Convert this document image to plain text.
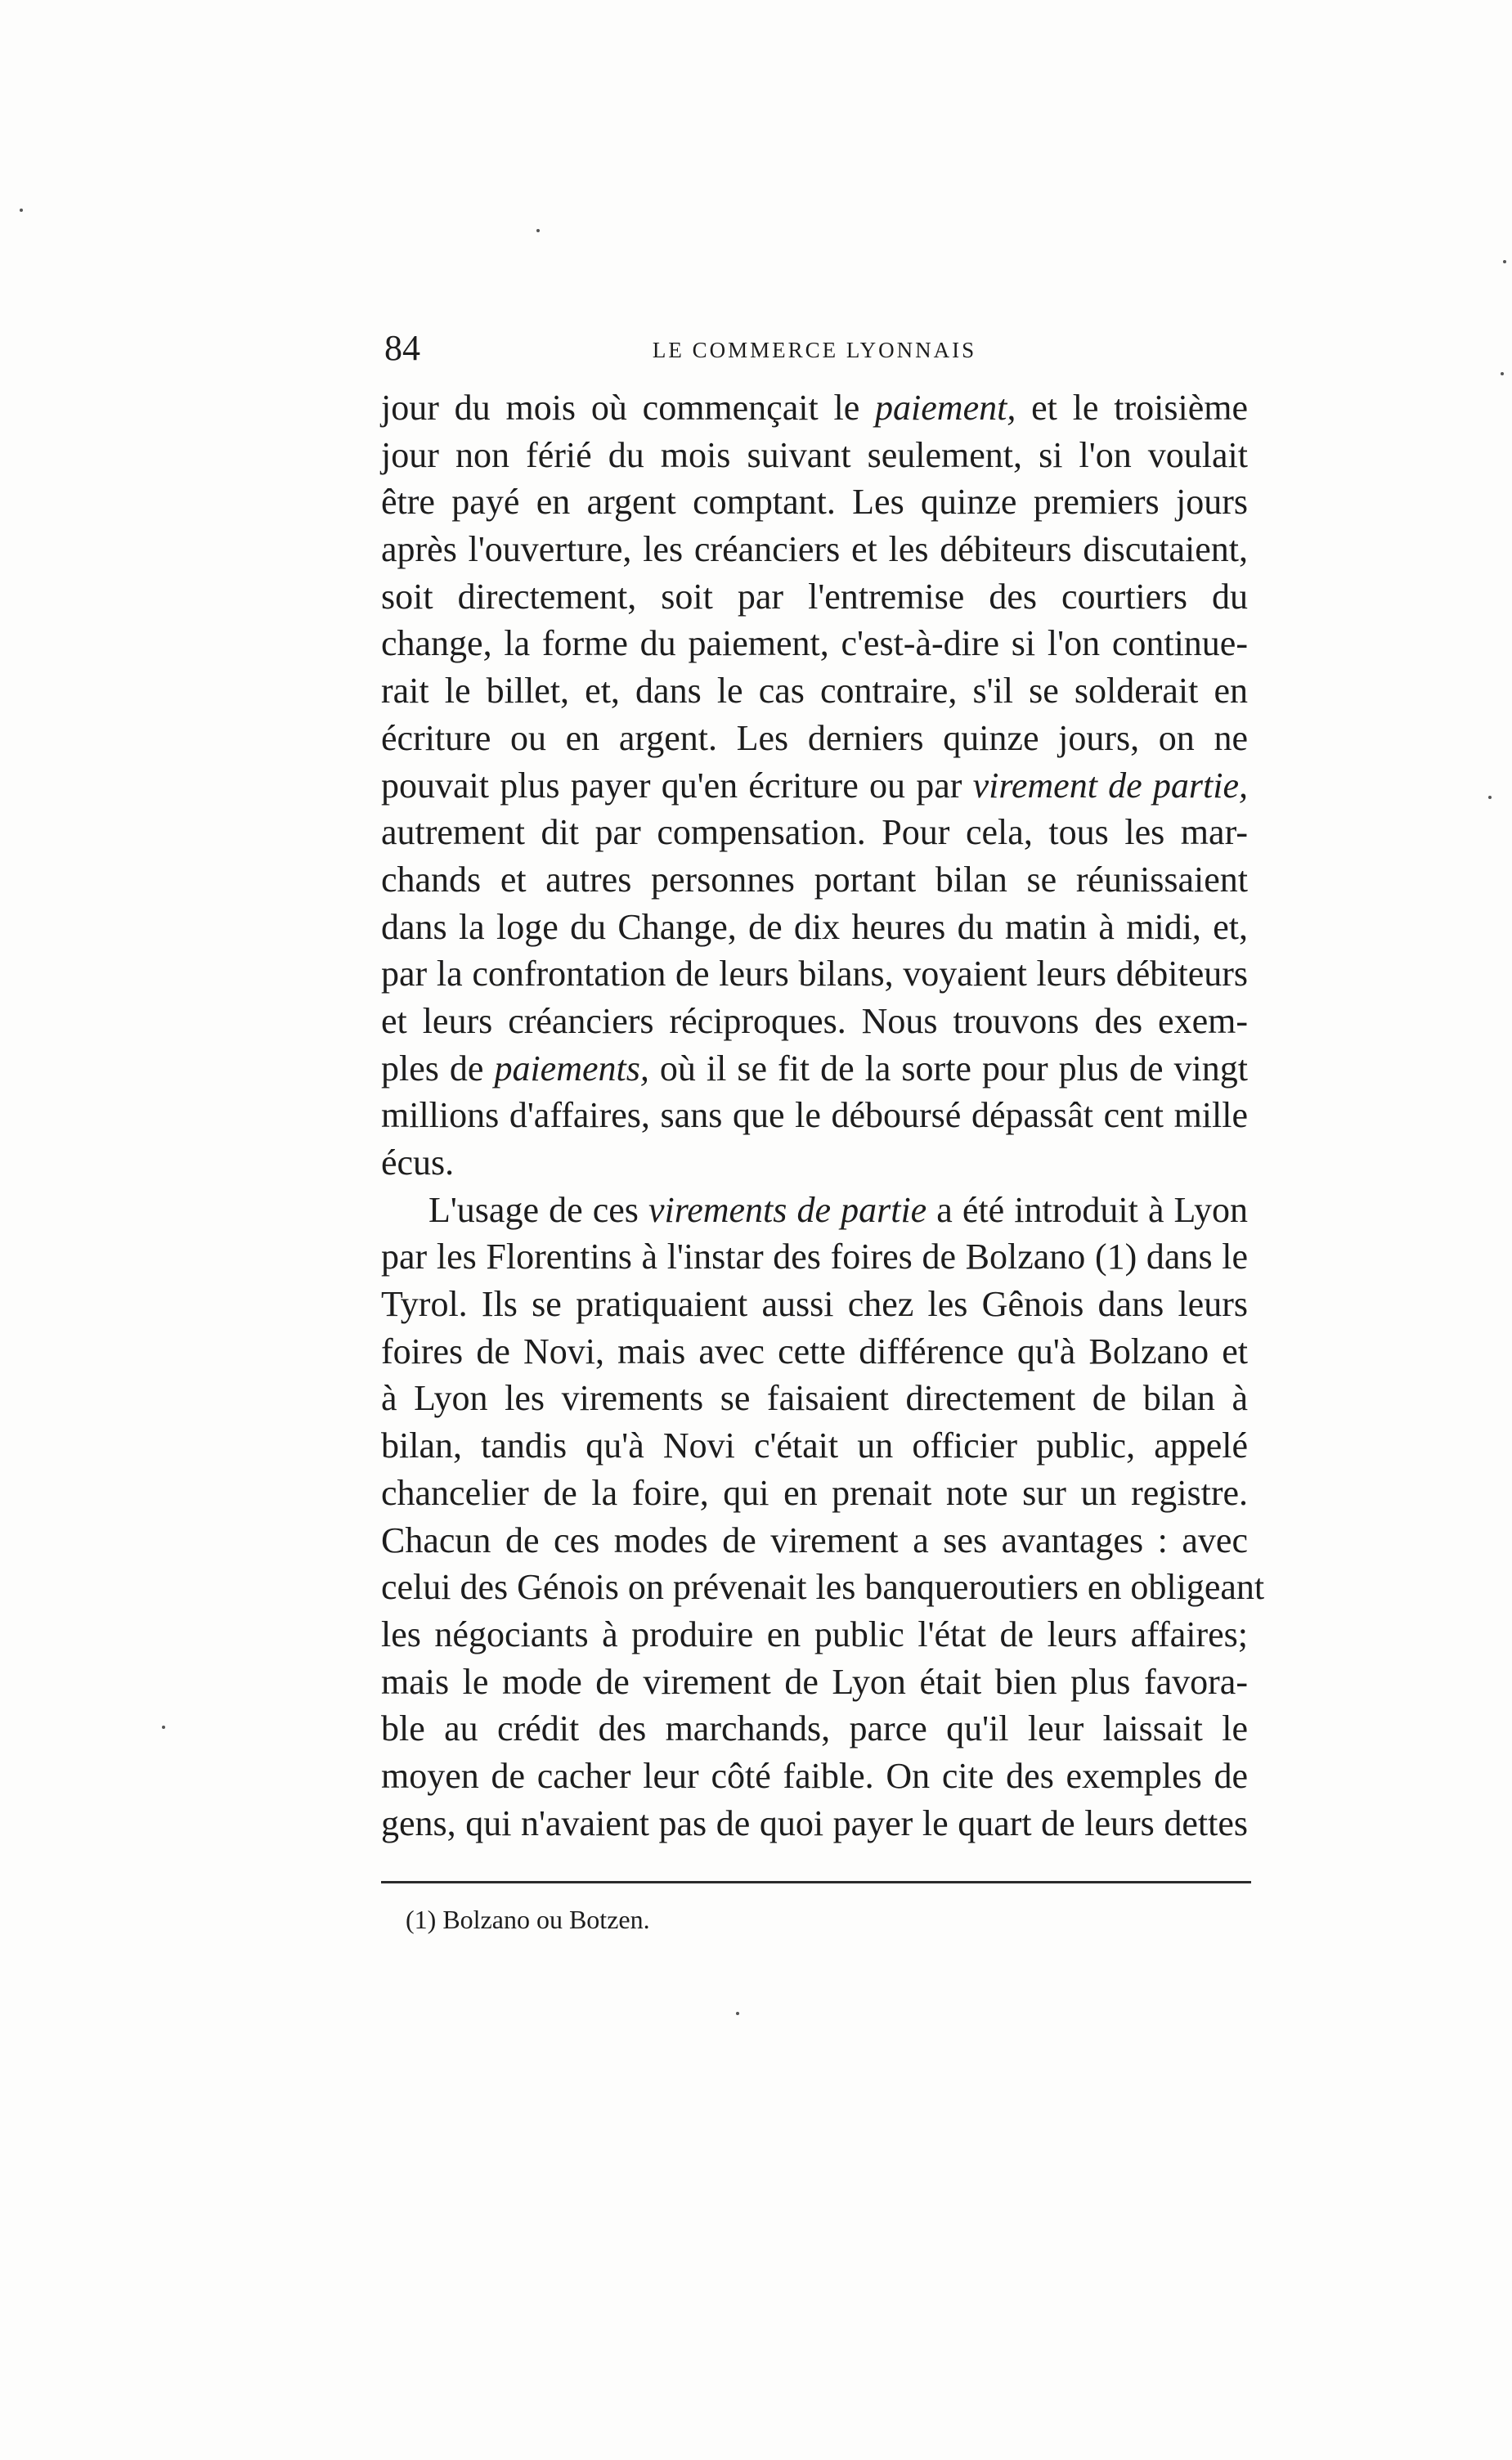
84	LE COMMERCE LYONNAIS
jour du mois où commençait le paiement, et le troisième
jour non férié du mois suivant seulement, si l'on voulait
être payé en argent comptant. Les quinze premiers jours
après l'ouverture, les créanciers et les débiteurs discutaient,
soit directement, soit par l'entremise des courtiers du
change, la forme du paiement, c'est-à-dire si l'on continue-
rait le billet, et, dans le cas contraire, s'il se solderait en
écriture ou en argent. Les derniers quinze jours, on ne
pouvait plus payer qu'en écriture ou par virement de partie,
autrement dit par compensation. Pour cela, tous les mar-
chands et autres personnes portant bilan se réunissaient
dans la loge du Change, de dix heures du matin à midi, et,
par la confrontation de leurs bilans, voyaient leurs débiteurs
et leurs créanciers réciproques. Nous trouvons des exem-
ples de paiements, où il se fit de la sorte pour plus de vingt
millions d'affaires, sans que le déboursé dépassât cent mille
écus.
L'usage de ces virements de partie a été introduit à Lyon
par les Florentins à l'instar des foires de Bolzano (1) dans le
Tyrol. Ils se pratiquaient aussi chez les Gênois dans leurs
foires de Novi, mais avec cette différence qu'à Bolzano et
à Lyon les virements se faisaient directement de bilan à
bilan, tandis qu'à Novi c'était un officier public, appelé
chancelier de la foire, qui en prenait note sur un registre.
Chacun de ces modes de virement a ses avantages : avec
celui des Génois on prévenait les banqueroutiers en obligeant
les négociants à produire en public l'état de leurs affaires;
mais le mode de virement de Lyon était bien plus favora-
ble au crédit des marchands, parce qu'il leur laissait le
moyen de cacher leur côté faible. On cite des exemples de
gens, qui n'avaient pas de quoi payer le quart de leurs dettes
(1) Bolzano ou Botzen.
